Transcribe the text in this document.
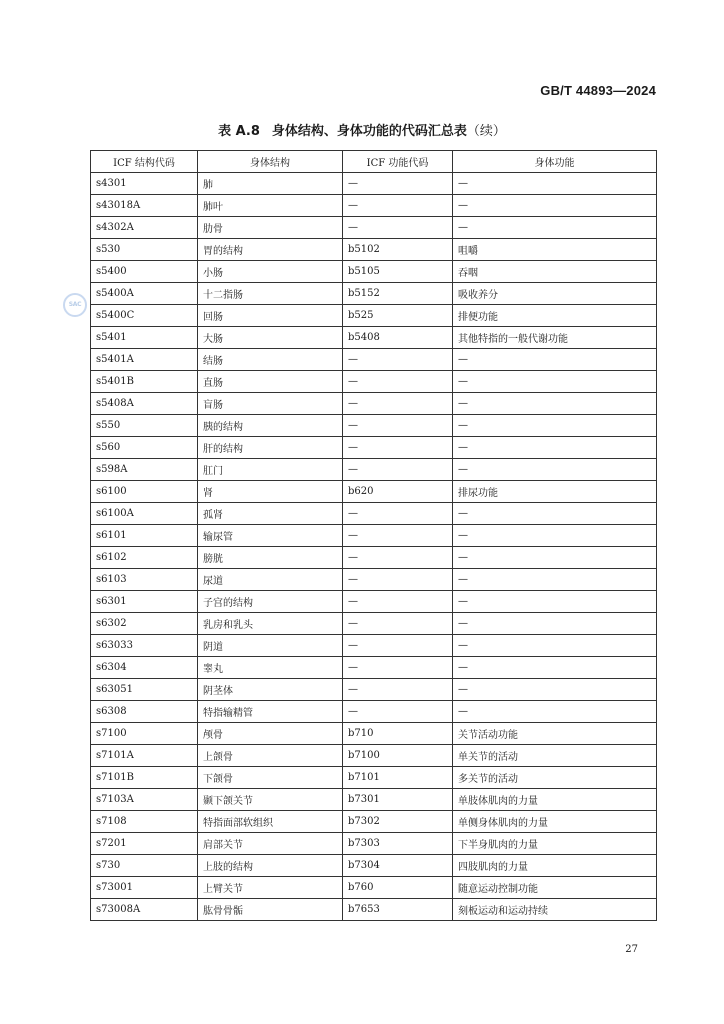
GB/T 44893—2024
表 A.8 身体结构、身体功能的代码汇总表（续）
SAC
ICF 结构代码	身体结构	ICF 功能代码	身体功能
s4301	肺	—	—
s43018A	肺叶	—	—
s4302A	肋骨	—	—
s530	胃的结构	b5102	咀嚼
s5400	小肠	b5105	吞咽
s5400A	十二指肠	b5152	吸收养分
s5400C	回肠	b525	排便功能
s5401	大肠	b5408	其他特指的一般代谢功能
s5401A	结肠	—	—
s5401B	直肠	—	—
s5408A	盲肠	—	—
s550	胰的结构	—	—
s560	肝的结构	—	—
s598A	肛门	—	—
s6100	肾	b620	排尿功能
s6100A	孤肾	—	—
s6101	输尿管	—	—
s6102	膀胱	—	—
s6103	尿道	—	—
s6301	子宫的结构	—	—
s6302	乳房和乳头	—	—
s63033	阴道	—	—
s6304	睾丸	—	—
s63051	阴茎体	—	—
s6308	特指输精管	—	—
s7100	颅骨	b710	关节活动功能
s7101A	上颌骨	b7100	单关节的活动
s7101B	下颌骨	b7101	多关节的活动
s7103A	颞下颌关节	b7301	单肢体肌肉的力量
s7108	特指面部软组织	b7302	单侧身体肌肉的力量
s7201	肩部关节	b7303	下半身肌肉的力量
s730	上肢的结构	b7304	四肢肌肉的力量
s73001	上臂关节	b760	随意运动控制功能
s73008A	肱骨骨骺	b7653	刻板运动和运动持续
27
